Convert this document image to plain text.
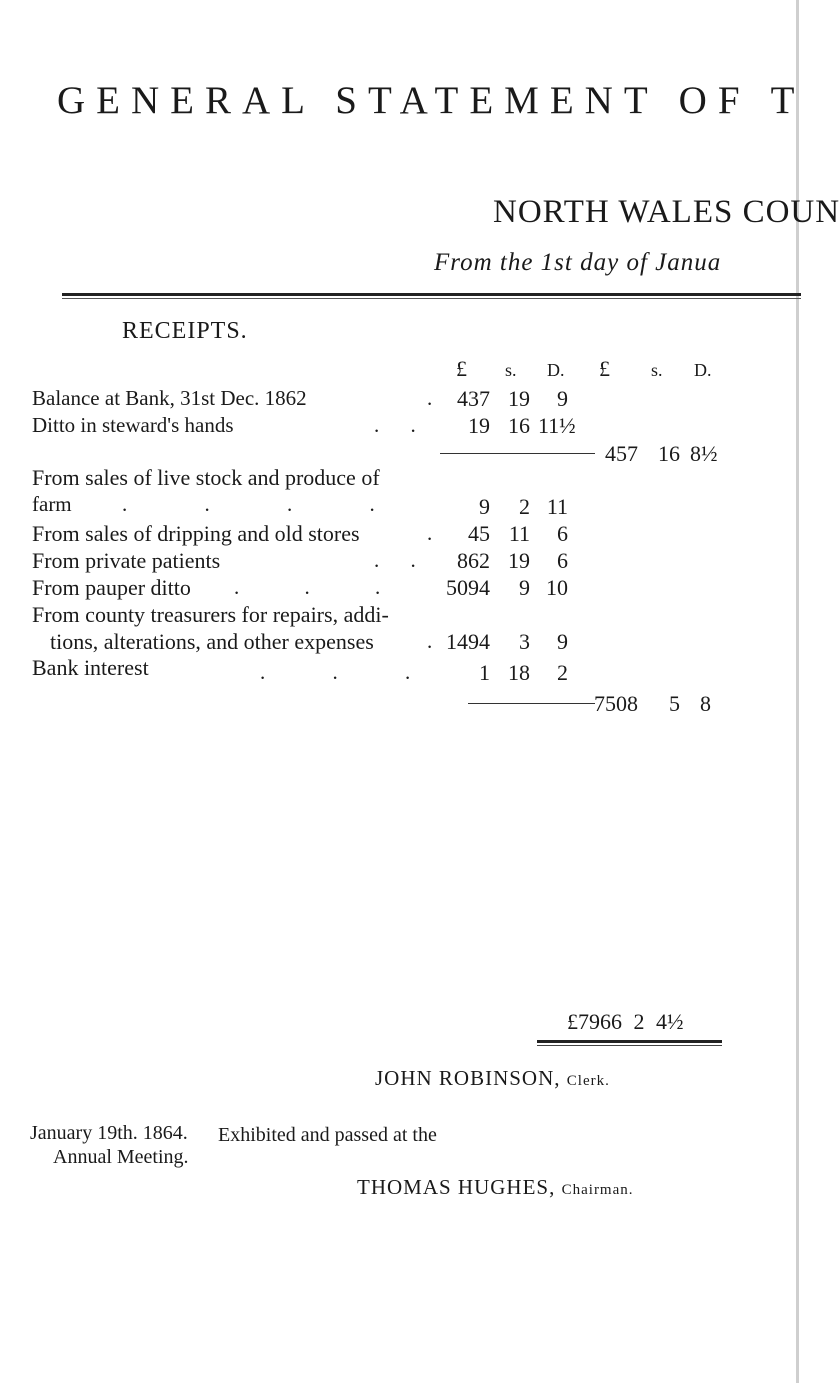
GENERAL STATEMENT OF T
NORTH WALES COUN
From the 1st day of Janua
RECEIPTS.
£ s. D. £ s. D.
Balance at Bank, 31st Dec. 1862	.	437 19	9
Ditto in steward's hands	. .	19 16 11½
457 16 8½
From sales of live stock and produce of
farm . . . .	9	2 11
From sales of dripping and old stores	.	45 11	6
From private patients	. .	862 19	6
From pauper ditto . . .	5094	9 10
From county treasurers for repairs, addi-
tions, alterations, and other expenses	. 1494	3	9
Bank interest	. . .	1 18	2
7508	5 8
£7966 2 4½
JOHN ROBINSON, Clerk.
January 19th. 1864. Exhibited and passed at the
Annual Meeting.
THOMAS HUGHES, Chairman.
